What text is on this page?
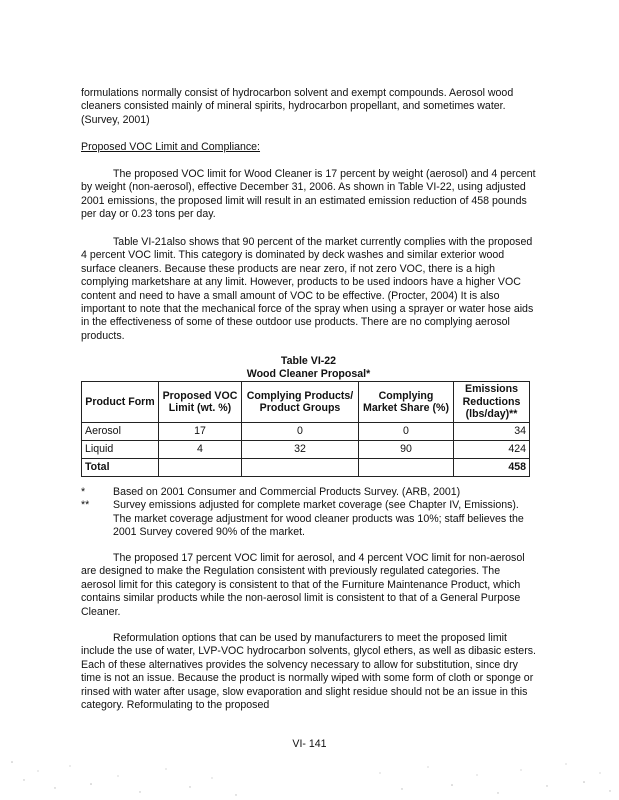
formulations normally consist of hydrocarbon solvent and exempt compounds. Aerosol wood cleaners consisted mainly of mineral spirits, hydrocarbon propellant, and sometimes water. (Survey, 2001)

Proposed VOC Limit and Compliance:

The proposed VOC limit for Wood Cleaner is 17 percent by weight (aerosol) and 4 percent by weight (non-aerosol), effective December 31, 2006. As shown in Table VI-22, using adjusted 2001 emissions, the proposed limit will result in an estimated emission reduction of 458 pounds per day or 0.23 tons per day.

Table VI-21also shows that 90 percent of the market currently complies with the proposed 4 percent VOC limit. This category is dominated by deck washes and similar exterior wood surface cleaners. Because these products are near zero, if not zero VOC, there is a high complying marketshare at any limit. However, products to be used indoors have a higher VOC content and need to have a small amount of VOC to be effective. (Procter, 2004) It is also important to note that the mechanical force of the spray when using a sprayer or water hose aids in the effectiveness of some of these outdoor use products. There are no complying aerosol products.

Table VI-22

Wood Cleaner Proposal*

Product Form	Proposed VOC Limit (wt. %)	Complying Products/ Product Groups	Complying Market Share (%)	Emissions Reductions (lbs/day)**
Aerosol	17	0	0	34
Liquid	4	32	90	424
Total				458

*	Based on 2001 Consumer and Commercial Products Survey. (ARB, 2001)

** Survey emissions adjusted for complete market coverage (see Chapter IV, Emissions). The market coverage adjustment for wood cleaner products was 10%; staff believes the 2001 Survey covered 90% of the market.

The proposed 17 percent VOC limit for aerosol, and 4 percent VOC limit for non-aerosol are designed to make the Regulation consistent with previously regulated categories. The aerosol limit for this category is consistent to that of the Furniture Maintenance Product, which contains similar products while the non-aerosol limit is consistent to that of a General Purpose Cleaner.

Reformulation options that can be used by manufacturers to meet the proposed limit include the use of water, LVP-VOC hydrocarbon solvents, glycol ethers, as well as dibasic esters. Each of these alternatives provides the solvency necessary to allow for substitution, since dry time is not an issue. Because the product is normally wiped with some form of cloth or sponge or rinsed with water after usage, slow evaporation and slight residue should not be an issue in this category. Reformulating to the proposed

VI- 141
